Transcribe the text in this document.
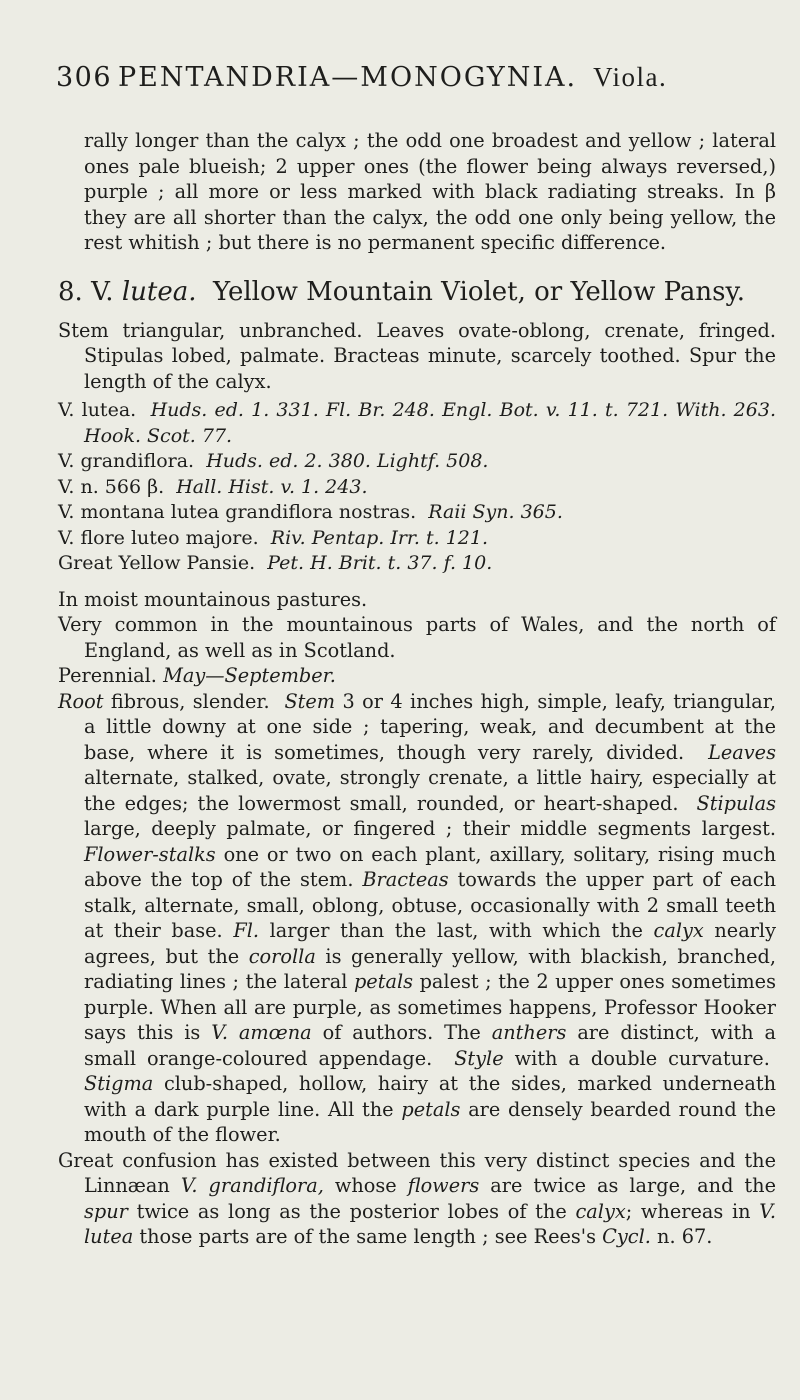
306 PENTANDRIA—MONOGYNIA. Viola.

rally longer than the calyx ; the odd one broadest and yellow ; lateral ones pale blueish; 2 upper ones (the flower being always reversed,) purple ; all more or less marked with black radiating streaks. In β they are all shorter than the calyx, the odd one only being yellow, the rest whitish ; but there is no permanent specific difference.

8. V. lutea. Yellow Mountain Violet, or Yellow Pansy.

Stem triangular, unbranched. Leaves ovate-oblong, crenate, fringed. Stipulas lobed, palmate. Bracteas minute, scarcely toothed. Spur the length of the calyx.

V. lutea. Huds. ed. 1. 331. Fl. Br. 248. Engl. Bot. v. 11. t. 721. With. 263. Hook. Scot. 77.

V. grandiflora. Huds. ed. 2. 380. Lightf. 508.

V. n. 566 β. Hall. Hist. v. 1. 243.

V. montana lutea grandiflora nostras. Raii Syn. 365.

V. flore luteo majore. Riv. Pentap. Irr. t. 121.

Great Yellow Pansie. Pet. H. Brit. t. 37. f. 10.

In moist mountainous pastures.

Very common in the mountainous parts of Wales, and the north of England, as well as in Scotland.

Perennial. May—September.

Root fibrous, slender. Stem 3 or 4 inches high, simple, leafy, triangular, a little downy at one side ; tapering, weak, and decumbent at the base, where it is sometimes, though very rarely, divided. Leaves alternate, stalked, ovate, strongly crenate, a little hairy, especially at the edges; the lowermost small, rounded, or heart-shaped. Stipulas large, deeply palmate, or fingered ; their middle segments largest. Flower-stalks one or two on each plant, axillary, solitary, rising much above the top of the stem. Bracteas towards the upper part of each stalk, alternate, small, oblong, obtuse, occasionally with 2 small teeth at their base. Fl. larger than the last, with which the calyx nearly agrees, but the corolla is generally yellow, with blackish, branched, radiating lines ; the lateral petals palest ; the 2 upper ones sometimes purple. When all are purple, as sometimes happens, Professor Hooker says this is V. amœna of authors. The anthers are distinct, with a small orange-coloured appendage. Style with a double curvature.  Stigma club-shaped, hollow, hairy at the sides, marked underneath with a dark purple line. All the petals are densely bearded round the mouth of the flower.

Great confusion has existed between this very distinct species and the Linnæan V. grandiflora, whose flowers are twice as large, and the spur twice as long as the posterior lobes of the calyx; whereas in V. lutea those parts are of the same length ; see Rees's Cycl. n. 67.
